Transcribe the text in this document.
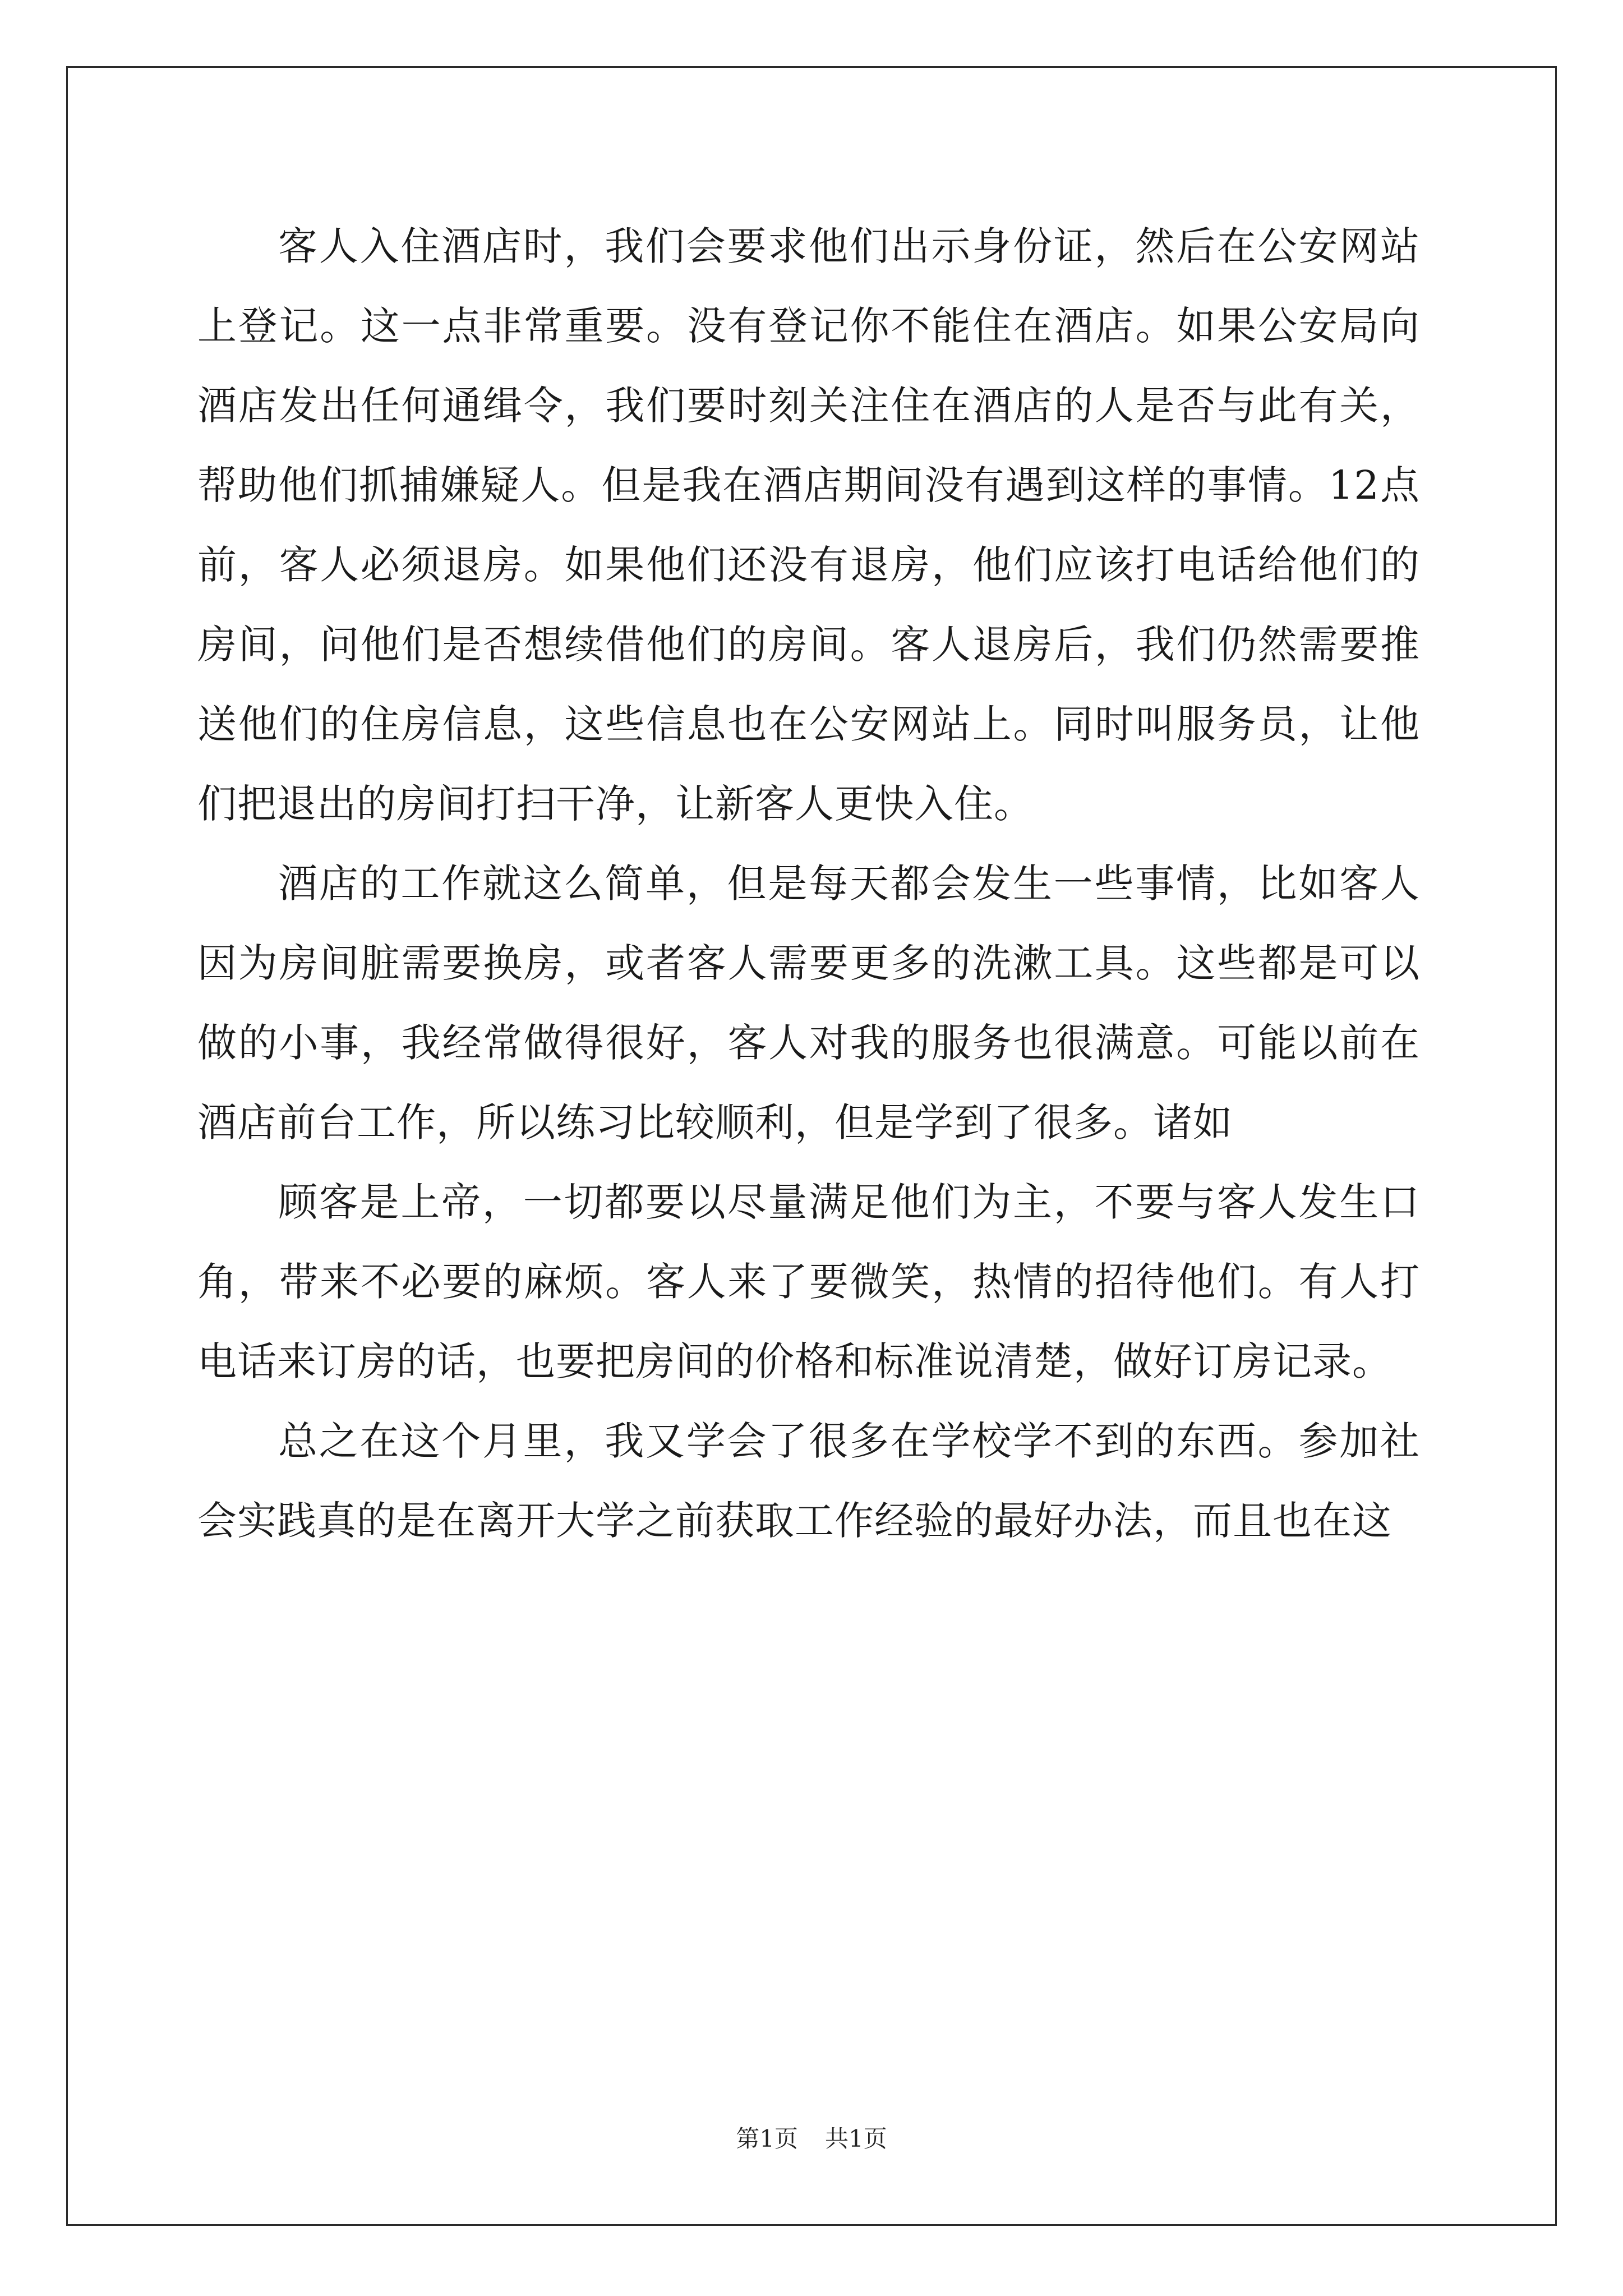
客人入住酒店时，我们会要求他们出示身份证，然后在公安网站上登记。这一点非常重要。没有登记你不能住在酒店。如果公安局向酒店发出任何通缉令，我们要时刻关注住在酒店的人是否与此有关，帮助他们抓捕嫌疑人。但是我在酒店期间没有遇到这样的事情。12点前，客人必须退房。如果他们还没有退房，他们应该打电话给他们的房间，问他们是否想续借他们的房间。客人退房后，我们仍然需要推送他们的住房信息，这些信息也在公安网站上。同时叫服务员，让他们把退出的房间打扫干净，让新客人更快入住。

酒店的工作就这么简单，但是每天都会发生一些事情，比如客人因为房间脏需要换房，或者客人需要更多的洗漱工具。这些都是可以做的小事，我经常做得很好，客人对我的服务也很满意。可能以前在酒店前台工作，所以练习比较顺利，但是学到了很多。诸如

顾客是上帝，一切都要以尽量满足他们为主，不要与客人发生口角，带来不必要的麻烦。客人来了要微笑，热情的招待他们。有人打电话来订房的话，也要把房间的价格和标准说清楚，做好订房记录。

总之在这个月里，我又学会了很多在学校学不到的东西。参加社会实践真的是在离开大学之前获取工作经验的最好办法，而且也在这

第1页 共1页
